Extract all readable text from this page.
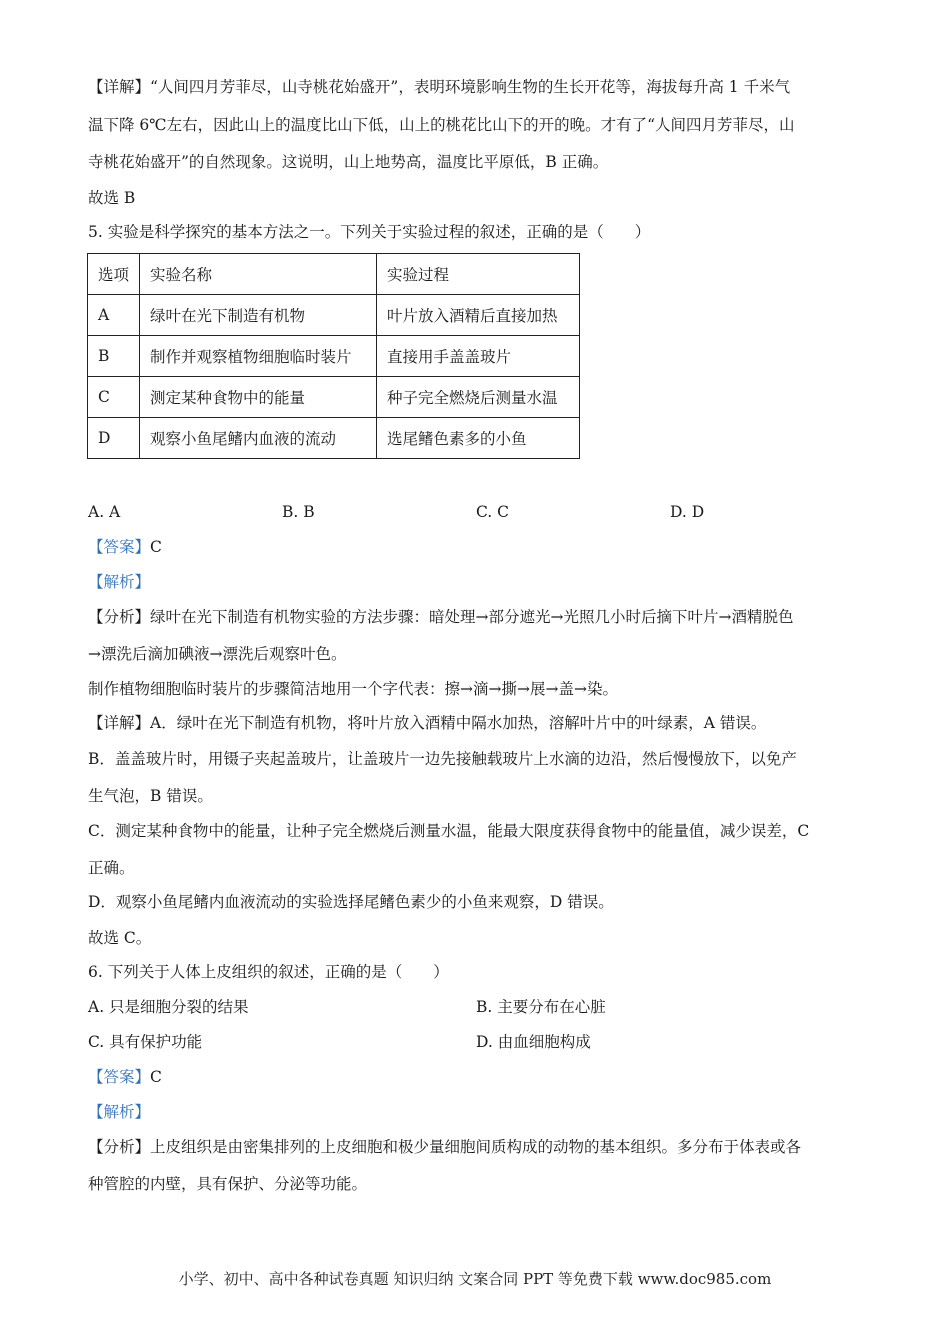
【详解】“人间四月芳菲尽，山寺桃花始盛开”，表明环境影响生物的生长开花等，海拔每升高 1 千米气
温下降 6℃左右，因此山上的温度比山下低，山上的桃花比山下的开的晚。才有了“人间四月芳菲尽，山
寺桃花始盛开”的自然现象。这说明，山上地势高，温度比平原低，B 正确。
故选 B
5. 实验是科学探究的基本方法之一。下列关于实验过程的叙述，正确的是（　　）
选项	实验名称	实验过程
A	绿叶在光下制造有机物	叶片放入酒精后直接加热
B	制作并观察植物细胞临时装片	直接用手盖盖玻片
C	测定某种食物中的能量	种子完全燃烧后测量水温
D	观察小鱼尾鳍内血液的流动	选尾鳍色素多的小鱼
A. A	B. B	C. C	D. D
【答案】C
【解析】
【分析】绿叶在光下制造有机物实验的方法步骤：暗处理→部分遮光→光照几小时后摘下叶片→酒精脱色
→漂洗后滴加碘液→漂洗后观察叶色。
制作植物细胞临时装片的步骤简洁地用一个字代表：擦→滴→撕→展→盖→染。
【详解】A．绿叶在光下制造有机物，将叶片放入酒精中隔水加热，溶解叶片中的叶绿素，A 错误。
B．盖盖玻片时，用镊子夹起盖玻片，让盖玻片一边先接触载玻片上水滴的边沿，然后慢慢放下，以免产
生气泡，B 错误。
C．测定某种食物中的能量，让种子完全燃烧后测量水温，能最大限度获得食物中的能量值，减少误差，C
正确。
D．观察小鱼尾鳍内血液流动的实验选择尾鳍色素少的小鱼来观察，D 错误。
故选 C。
6. 下列关于人体上皮组织的叙述，正确的是（　　）
A. 只是细胞分裂的结果	B. 主要分布在心脏
C. 具有保护功能	D. 由血细胞构成
【答案】C
【解析】
【分析】上皮组织是由密集排列的上皮细胞和极少量细胞间质构成的动物的基本组织。多分布于体表或各
种管腔的内壁，具有保护、分泌等功能。
小学、初中、高中各种试卷真题 知识归纳 文案合同 PPT 等免费下载 www.doc985.com
